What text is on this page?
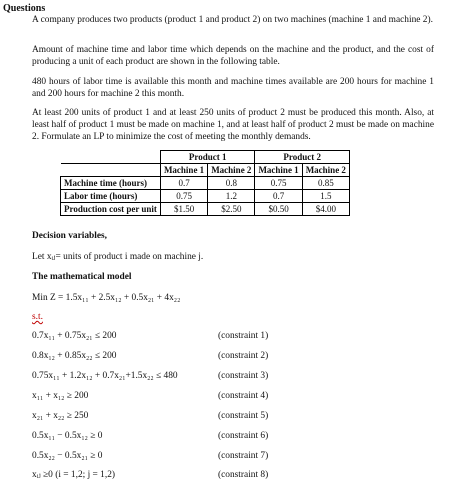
Questions
A company produces two products (product 1 and product 2) on two machines (machine 1 and machine 2).
Amount of machine time and labor time which depends on the machine and the product, and the cost of producing a unit of each product are shown in the following table.
480 hours of labor time is available this month and machine times available are 200 hours for machine 1 and 200 hours for machine 2 this month.
At least 200 units of product 1 and at least 250 units of product 2 must be produced this month. Also, at least half of product 1 must be made on machine 1, and at least half of product 2 must be made on machine 2. Formulate an LP to minimize the cost of meeting the monthly demands.
	Product 1		Product 2	
	Machine 1	Machine 2	Machine 1	Machine 2
Machine time (hours)	0.7	0.8	0.75	0.85
Labor time (hours)	0.75	1.2	0.7	1.5
Production cost per unit	$1.50	$2.50	$0.50	$4.00
Decision variables,
Let xᵢⱼ= units of product i made on machine j.
The mathematical model
Min Z = 1.5x₁₁ + 2.5x₁₂ + 0.5x₂₁ + 4x₂₂
s.t.
0.7x₁₁ + 0.75x₂₁ ≤ 200	(constraint 1)
0.8x₁₂ + 0.85x₂₂ ≤ 200	(constraint 2)
0.75x₁₁ + 1.2x₁₂ + 0.7x₂₁+1.5x₂₂ ≤ 480	(constraint 3)
x₁₁ + x₁₂ ≥ 200	(constraint 4)
x₂₁ + x₂₂ ≥ 250	(constraint 5)
0.5x₁₁ − 0.5x₁₂ ≥ 0	(constraint 6)
0.5x₂₂ − 0.5x₂₁ ≥ 0	(constraint 7)
xᵢⱼ ≥0 (i = 1,2; j = 1,2)	(constraint 8)
